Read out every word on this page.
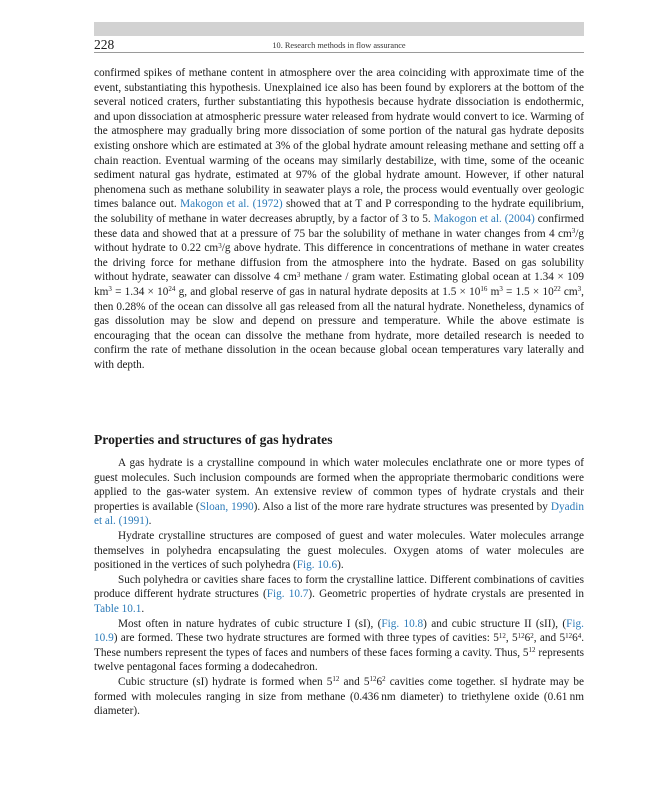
228	10. Research methods in flow assurance

confirmed spikes of methane content in atmosphere over the area coinciding with approximate time of the event, substantiating this hypothesis. Unexplained ice also has been found by explorers at the bottom of the several noticed craters, further substantiating this hypothesis because hydrate dissociation is endothermic, and upon dissociation at atmospheric pressure water released from hydrate would convert to ice. Warming of the atmosphere may gradually bring more dissociation of some portion of the natural gas hydrate deposits existing onshore which are estimated at 3% of the global hydrate amount releasing methane and setting off a chain reaction. Eventual warming of the oceans may similarly destabilize, with time, some of the oceanic sediment natural gas hydrate, estimated at 97% of the global hydrate amount. However, if other natural phenomena such as methane solubility in seawater plays a role, the process would eventually over geologic times balance out. Makogon et al. (1972) showed that at T and P corresponding to the hydrate equilibrium, the solubility of methane in water decreases abruptly, by a factor of 3 to 5. Makogon et al. (2004) confirmed these data and showed that at a pressure of 75 bar the solubility of methane in water changes from 4 $cm^3/g$ without hydrate to 0.22 $cm^3/g$ above hydrate. This difference in concentrations of methane in water creates the driving force for methane diffusion from the atmosphere into the hydrate. Based on gas solubility without hydrate, seawater can dissolve 4 $cm^3$ methane / gram water. Estimating global ocean at 1.34 × 109 $km^3 = 1.34 \times 10^{24}$ g, and global reserve of gas in natural hydrate deposits at $1.5 \times 10^{16}$ $m^3 = 1.5 \times 10^{22}$ $cm^3$, then 0.28% of the ocean can dissolve all gas released from all the natural hydrate. Nonetheless, dynamics of gas dissolution may be slow and depend on pressure and temperature. While the above estimate is encouraging that the ocean can dissolve the methane from hydrate, more detailed research is needed to confirm the rate of methane dissolution in the ocean because global ocean temperatures vary laterally and with depth.

Properties and structures of gas hydrates

A gas hydrate is a crystalline compound in which water molecules enclathrate one or more types of guest molecules. Such inclusion compounds are formed when the appropriate thermobaric conditions were applied to the gas-water system. An extensive review of common types of hydrate crystals and their properties is available (Sloan, 1990). Also a list of the more rare hydrate structures was presented by Dyadin et al. (1991).

Hydrate crystalline structures are composed of guest and water molecules. Water molecules arrange themselves in polyhedra encapsulating the guest molecules. Oxygen atoms of water molecules are positioned in the vertices of such polyhedra (Fig. 10.6).

Such polyhedra or cavities share faces to form the crystalline lattice. Different combinations of cavities produce different hydrate structures (Fig. 10.7). Geometric properties of hydrate crystals are presented in Table 10.1.

Most often in nature hydrates of cubic structure I (sI), (Fig. 10.8) and cubic structure II (sII), (Fig. 10.9) are formed. These two hydrate structures are formed with three types of cavities: $5^{12}$, $5^{12}6^2$, and $5^{12}6^4$. These numbers represent the types of faces and numbers of these faces forming a cavity. Thus, $5^{12}$ represents twelve pentagonal faces forming a dodecahedron.

Cubic structure (sI) hydrate is formed when $5^{12}$ and $5^{12}6^2$ cavities come together. sI hydrate may be formed with molecules ranging in size from methane (0.436 nm diameter) to triethylene oxide (0.61 nm diameter).
